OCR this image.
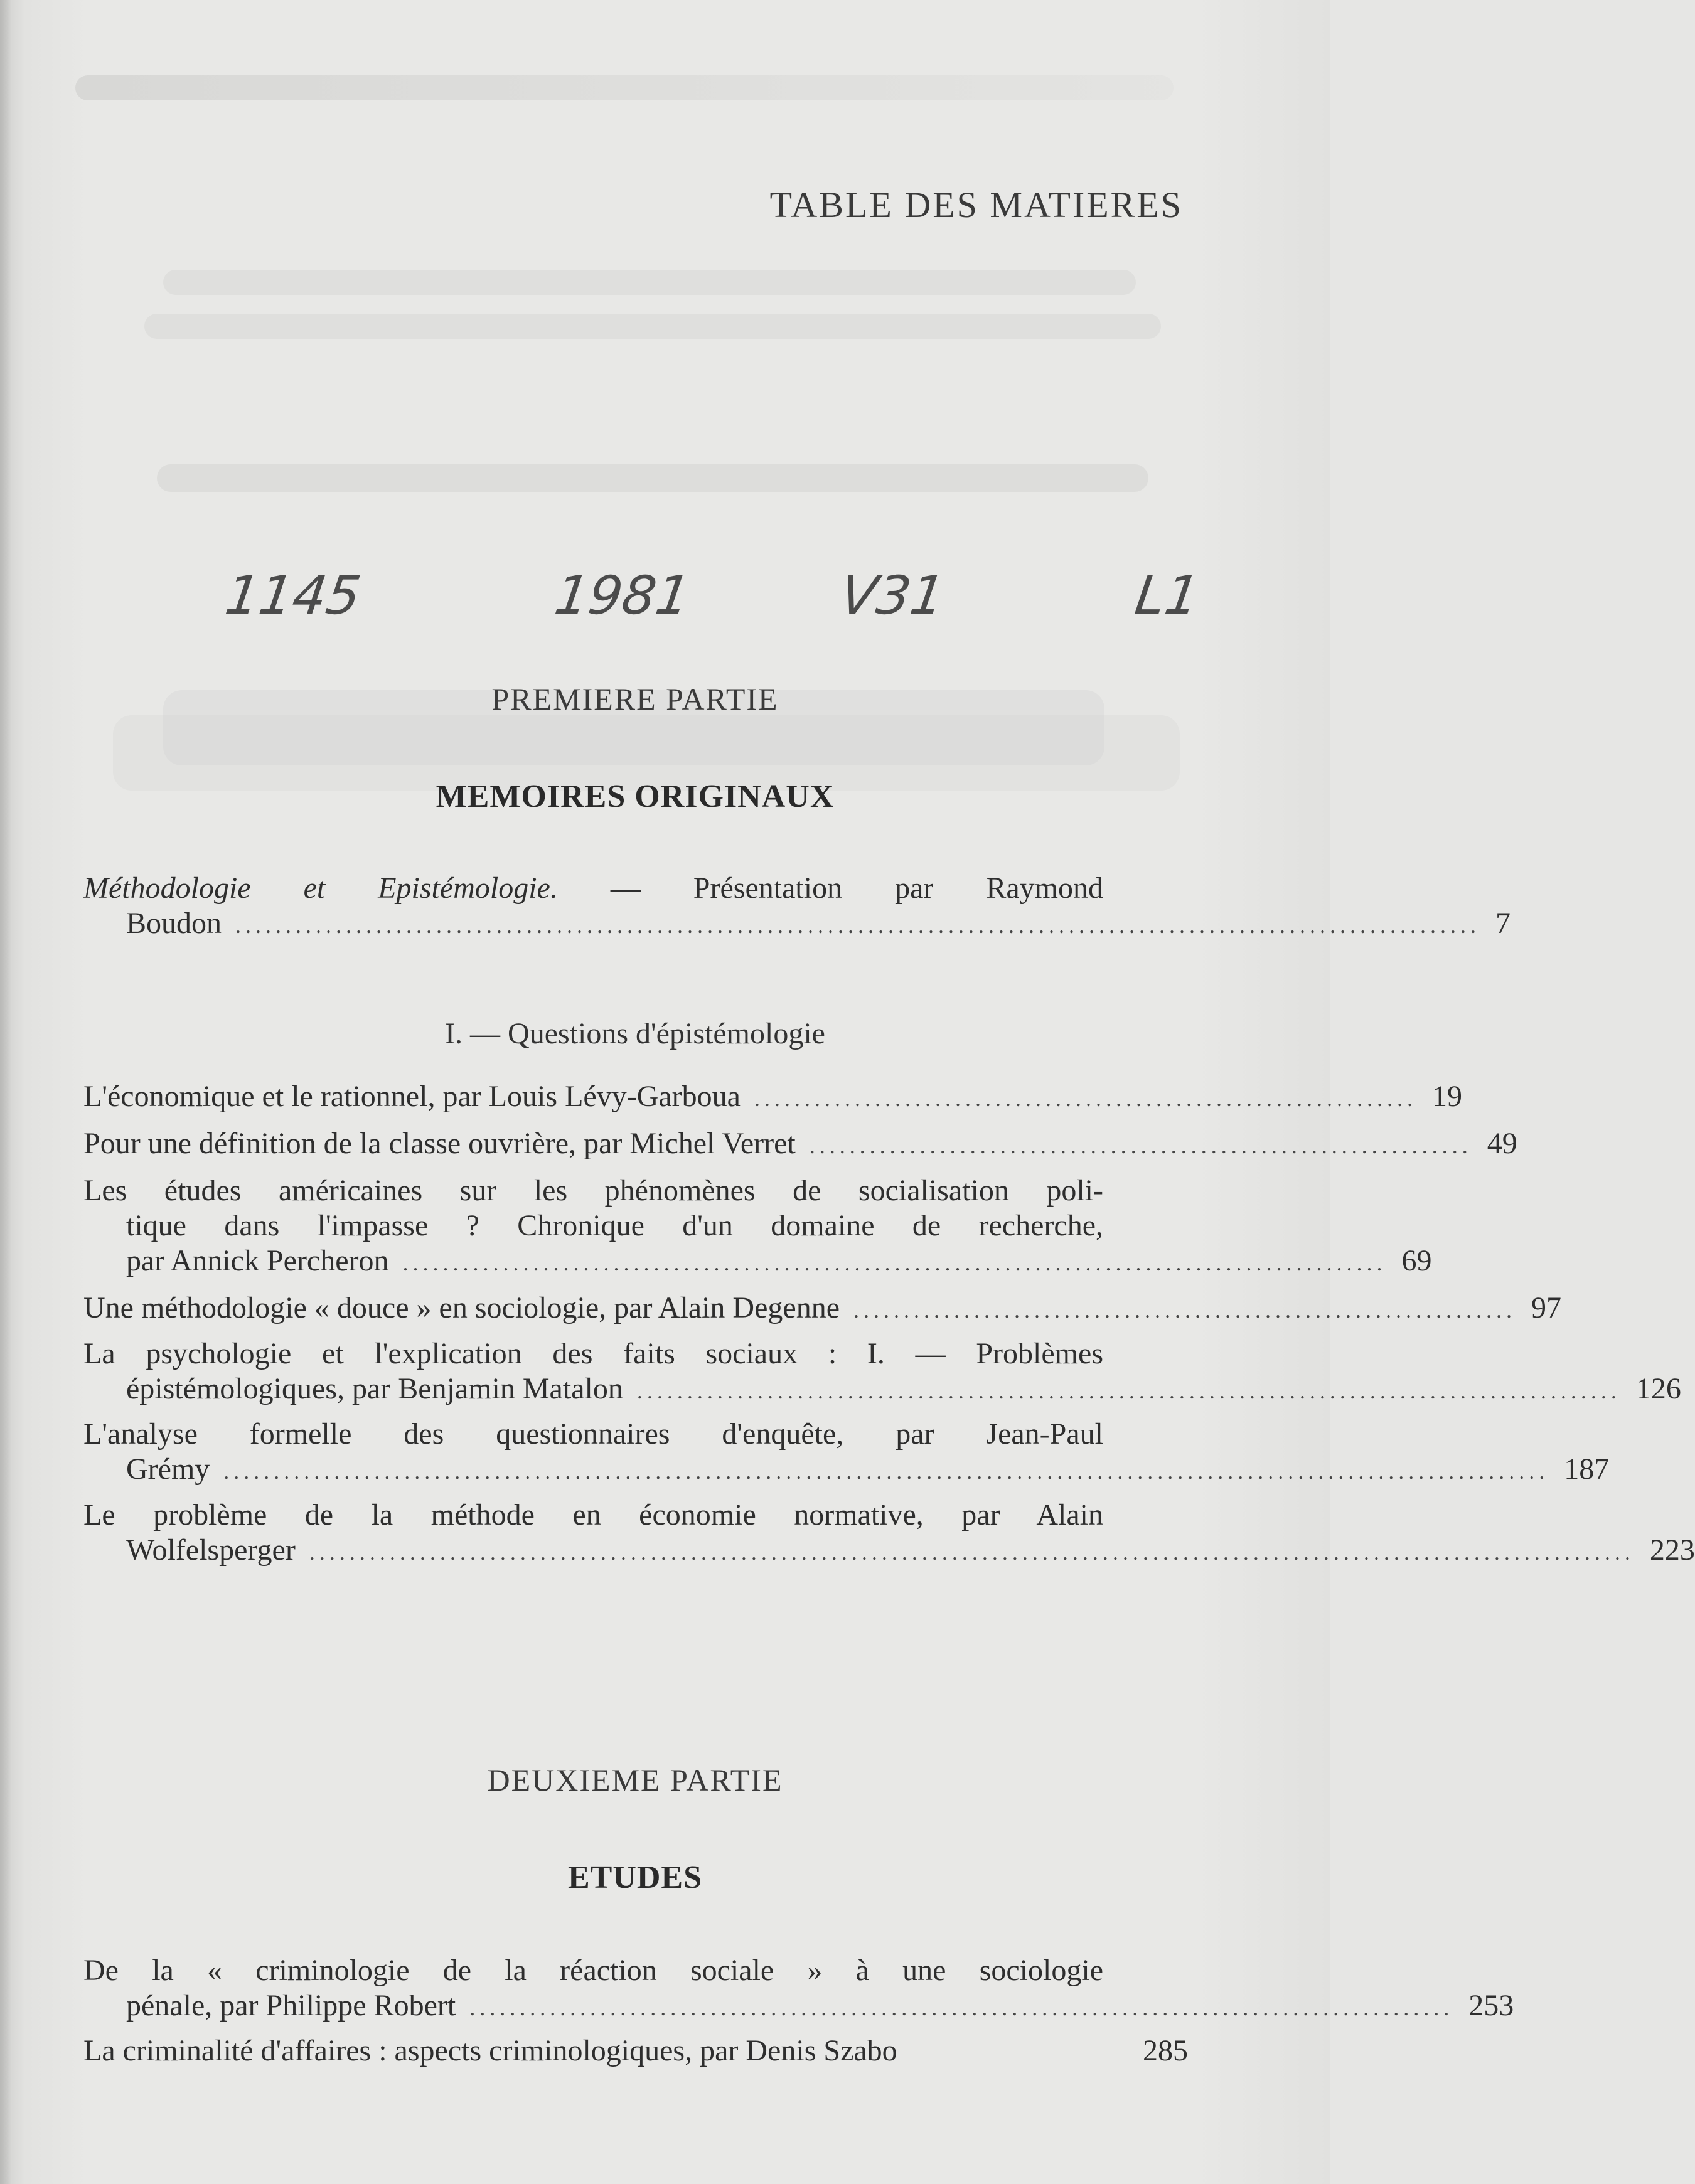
TABLE DES MATIERES
1145	1981	V31	L1
PREMIERE PARTIE
MEMOIRES ORIGINAUX
Méthodologie et Epistémologie. — Présentation par Raymond
Boudon ............................................................................................................................ 7
I. — Questions d'épistémologie
L'économique et le rationnel, par Louis Lévy-Garboua .................................................................. 19
Pour une définition de la classe ouvrière, par Michel Verret .................................................................. 49
Les études américaines sur les phénomènes de socialisation poli-
tique dans l'impasse ? Chronique d'un domaine de recherche,
par Annick Percheron .................................................................................................. 69
Une méthodologie « douce » en sociologie, par Alain Degenne .................................................................. 97
La psychologie et l'explication des faits sociaux : I. — Problèmes
épistémologiques, par Benjamin Matalon .................................................................................................. 126
L'analyse formelle des questionnaires d'enquête, par Jean-Paul
Grémy .................................................................................................................................... 187
Le problème de la méthode en économie normative, par Alain
Wolfelsperger .................................................................................................................................... 223
DEUXIEME PARTIE
ETUDES
De la « criminologie de la réaction sociale » à une sociologie
pénale, par Philippe Robert .................................................................................................. 253
La criminalité d'affaires : aspects criminologiques, par Denis Szabo	285
